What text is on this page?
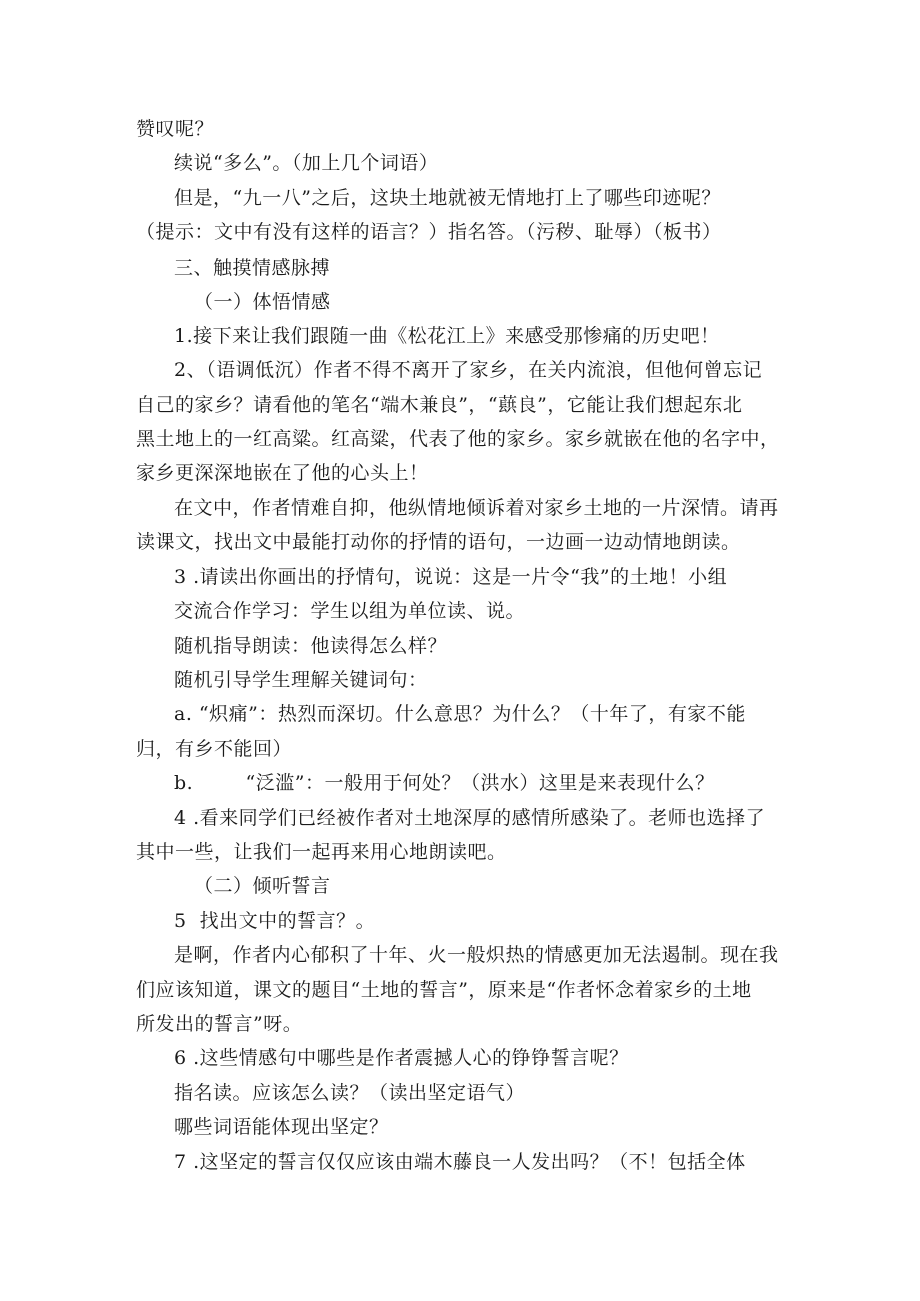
赞叹呢？
续说“多么”。（加上几个词语）
但是，“九一八”之后，这块土地就被无情地打上了哪些印迹呢？
（提示：文中有没有这样的语言？）指名答。（污秽、耻辱）（板书）
三、触摸情感脉搏
（一）体悟情感
1.接下来让我们跟随一曲《松花江上》来感受那惨痛的历史吧！
2、（语调低沉）作者不得不离开了家乡，在关内流浪，但他何曾忘记
自己的家乡？请看他的笔名“端木兼良”，“蕻良”，它能让我们想起东北
黑土地上的一红高粱。红高粱，代表了他的家乡。家乡就嵌在他的名字中，
家乡更深深地嵌在了他的心头上！
在文中，作者情难自抑，他纵情地倾诉着对家乡土地的一片深情。请再
读课文，找出文中最能打动你的抒情的语句，一边画一边动情地朗读。
3 .请读出你画出的抒情句，说说：这是一片令“我”的土地！小组
交流合作学习：学生以组为单位读、说。
随机指导朗读：他读得怎么样？
随机引导学生理解关键词句：
a. “炽痛”：热烈而深切。什么意思？为什么？（十年了，有家不能
归，有乡不能回）
b.        “泛滥”：一般用于何处？（洪水）这里是来表现什么？
4 .看来同学们已经被作者对土地深厚的感情所感染了。老师也选择了
其中一些，让我们一起再来用心地朗读吧。
（二）倾听誓言
5  找出文中的誓言？。
是啊，作者内心郁积了十年、火一般炽热的情感更加无法遏制。现在我
们应该知道，课文的题目“土地的誓言”，原来是“作者怀念着家乡的土地
所发出的誓言”呀。
6 .这些情感句中哪些是作者震撼人心的铮铮誓言呢？
指名读。应该怎么读？（读出坚定语气）
哪些词语能体现出坚定？
7 .这坚定的誓言仅仅应该由端木藤良一人发出吗？（不！包括全体
